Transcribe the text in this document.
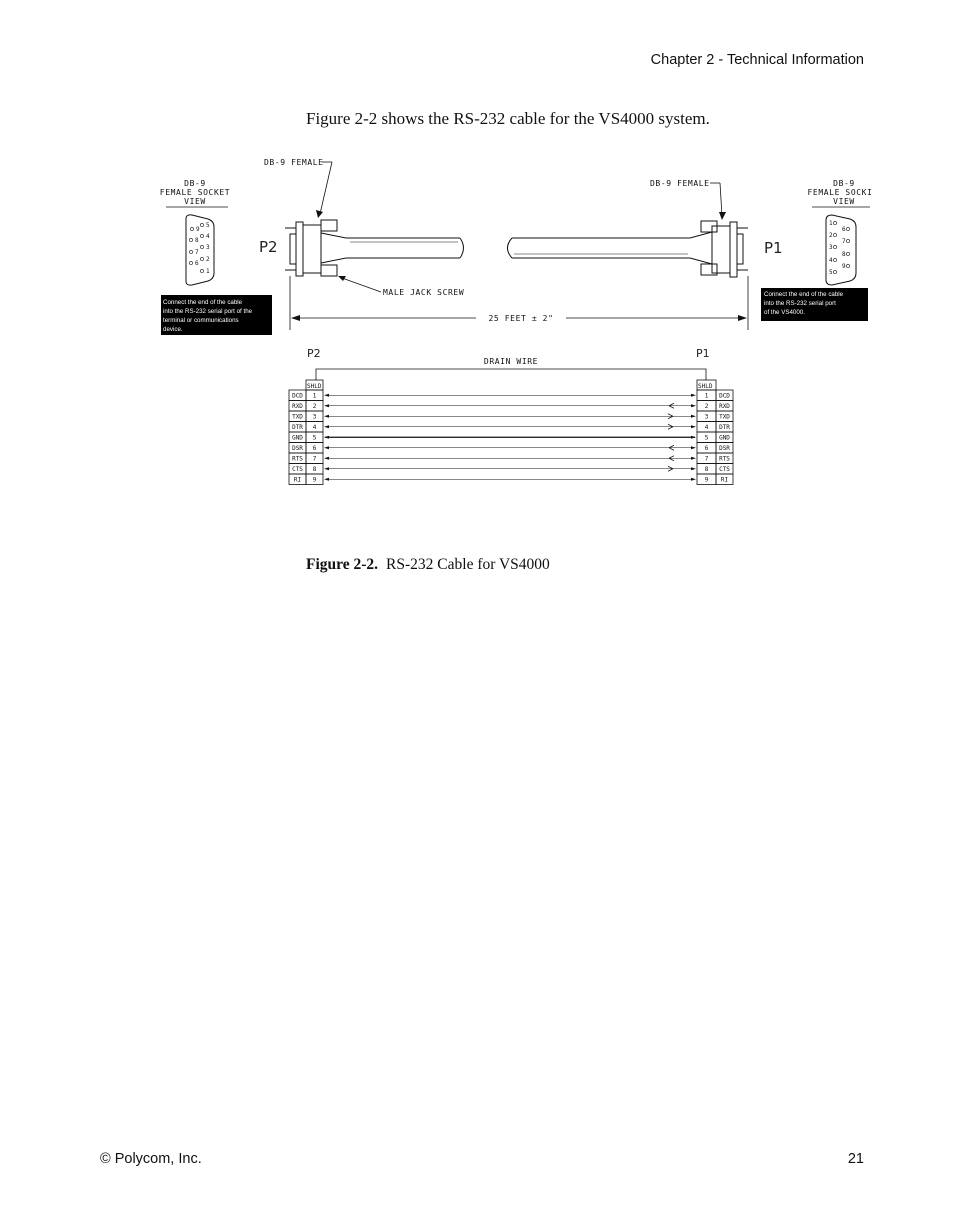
Chapter 2 - Technical Information
Figure 2-2 shows the RS-232 cable for the VS4000 system.
DB-9
FEMALE SOCKET
VIEW
9
5
8
4
7
3
6
2
1
Connect the end of the cable
into the RS-232 serial port of the
terminal or communications
device.
DB-9 FEMALE
P2
MALE JACK SCREW
DB-9 FEMALE
P1
DB-9
FEMALE SOCKI
VIEW
1
6
2
7
3
8
4
9
5
Connect the end of the cable
into the RS-232 serial port
of the VS4000.
25 FEET ± 2"
P2	P1
DRAIN WIRE
SHLD	SHLD
DCD 1	1 DCD
RXD 2	2 RXD
TXD 3	3 TXD
DTR 4	4 DTR
GND 5	5 GND
DSR 6	6 DSR
RTS 7	7 RTS
CTS 8	8 CTS
RI 9	9 RI
Figure 2-2. RS-232 Cable for VS4000
© Polycom, Inc.	21
